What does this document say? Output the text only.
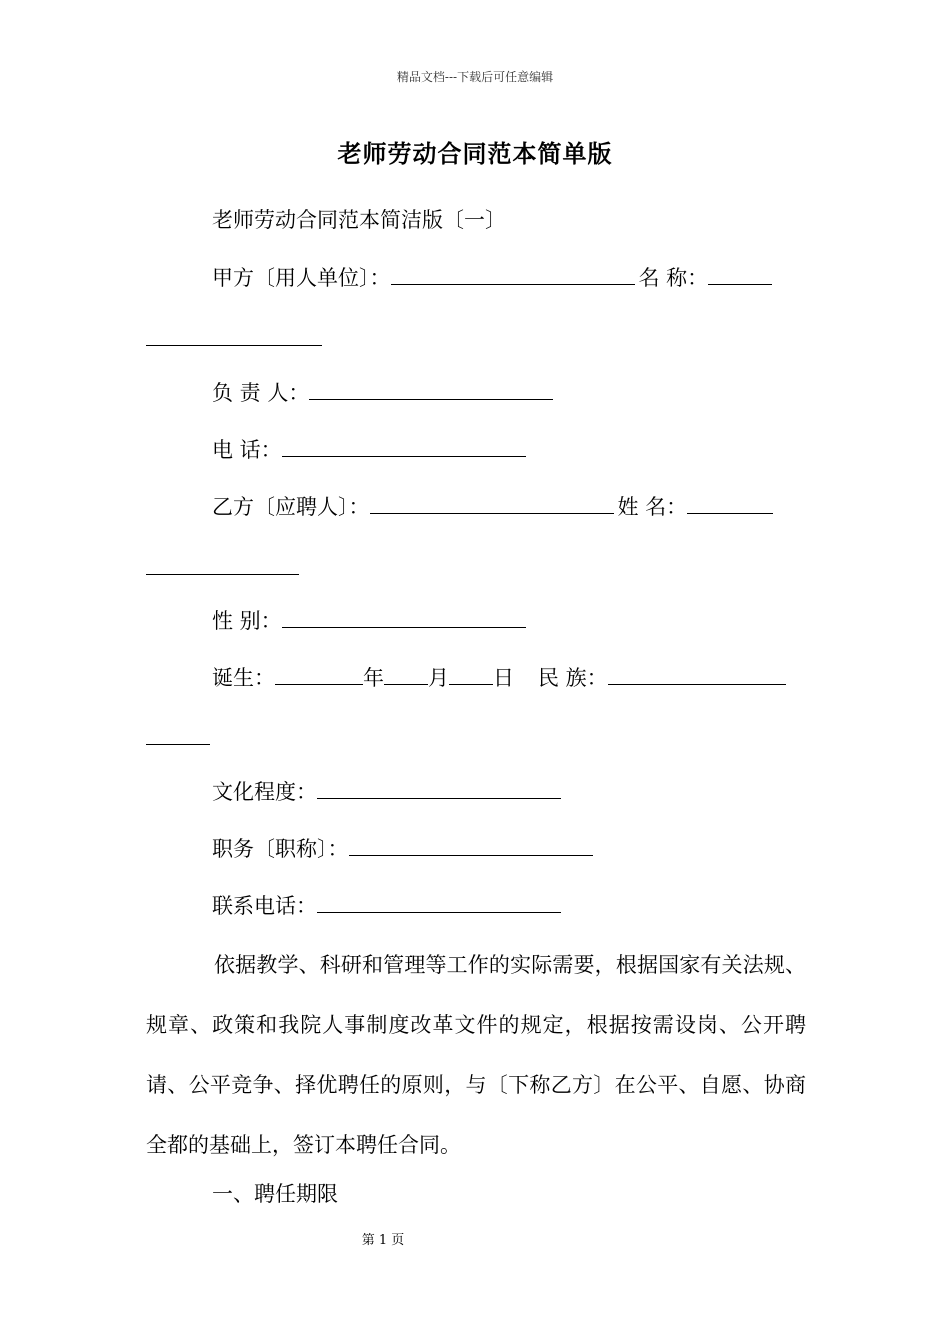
精品文档---下载后可任意编辑
老师劳动合同范本简单版
老师劳动合同范本简洁版〔一〕
甲方〔用人单位〕：	名 称：
负 责 人：
电 话：
乙方〔应聘人〕：	姓 名：
性 别：
诞生：	年 月 日 民 族：
文化程度：
职务〔职称〕：
联系电话：
依据教学、科研和管理等工作的实际需要，根据国家有关法规、规章、政策和我院人事制度改革文件的规定，根据按需设岗、公开聘请、公平竞争、择优聘任的原则，与〔下称乙方〕在公平、自愿、协商全都的基础上，签订本聘任合同。
一、聘任期限
第 1 页
